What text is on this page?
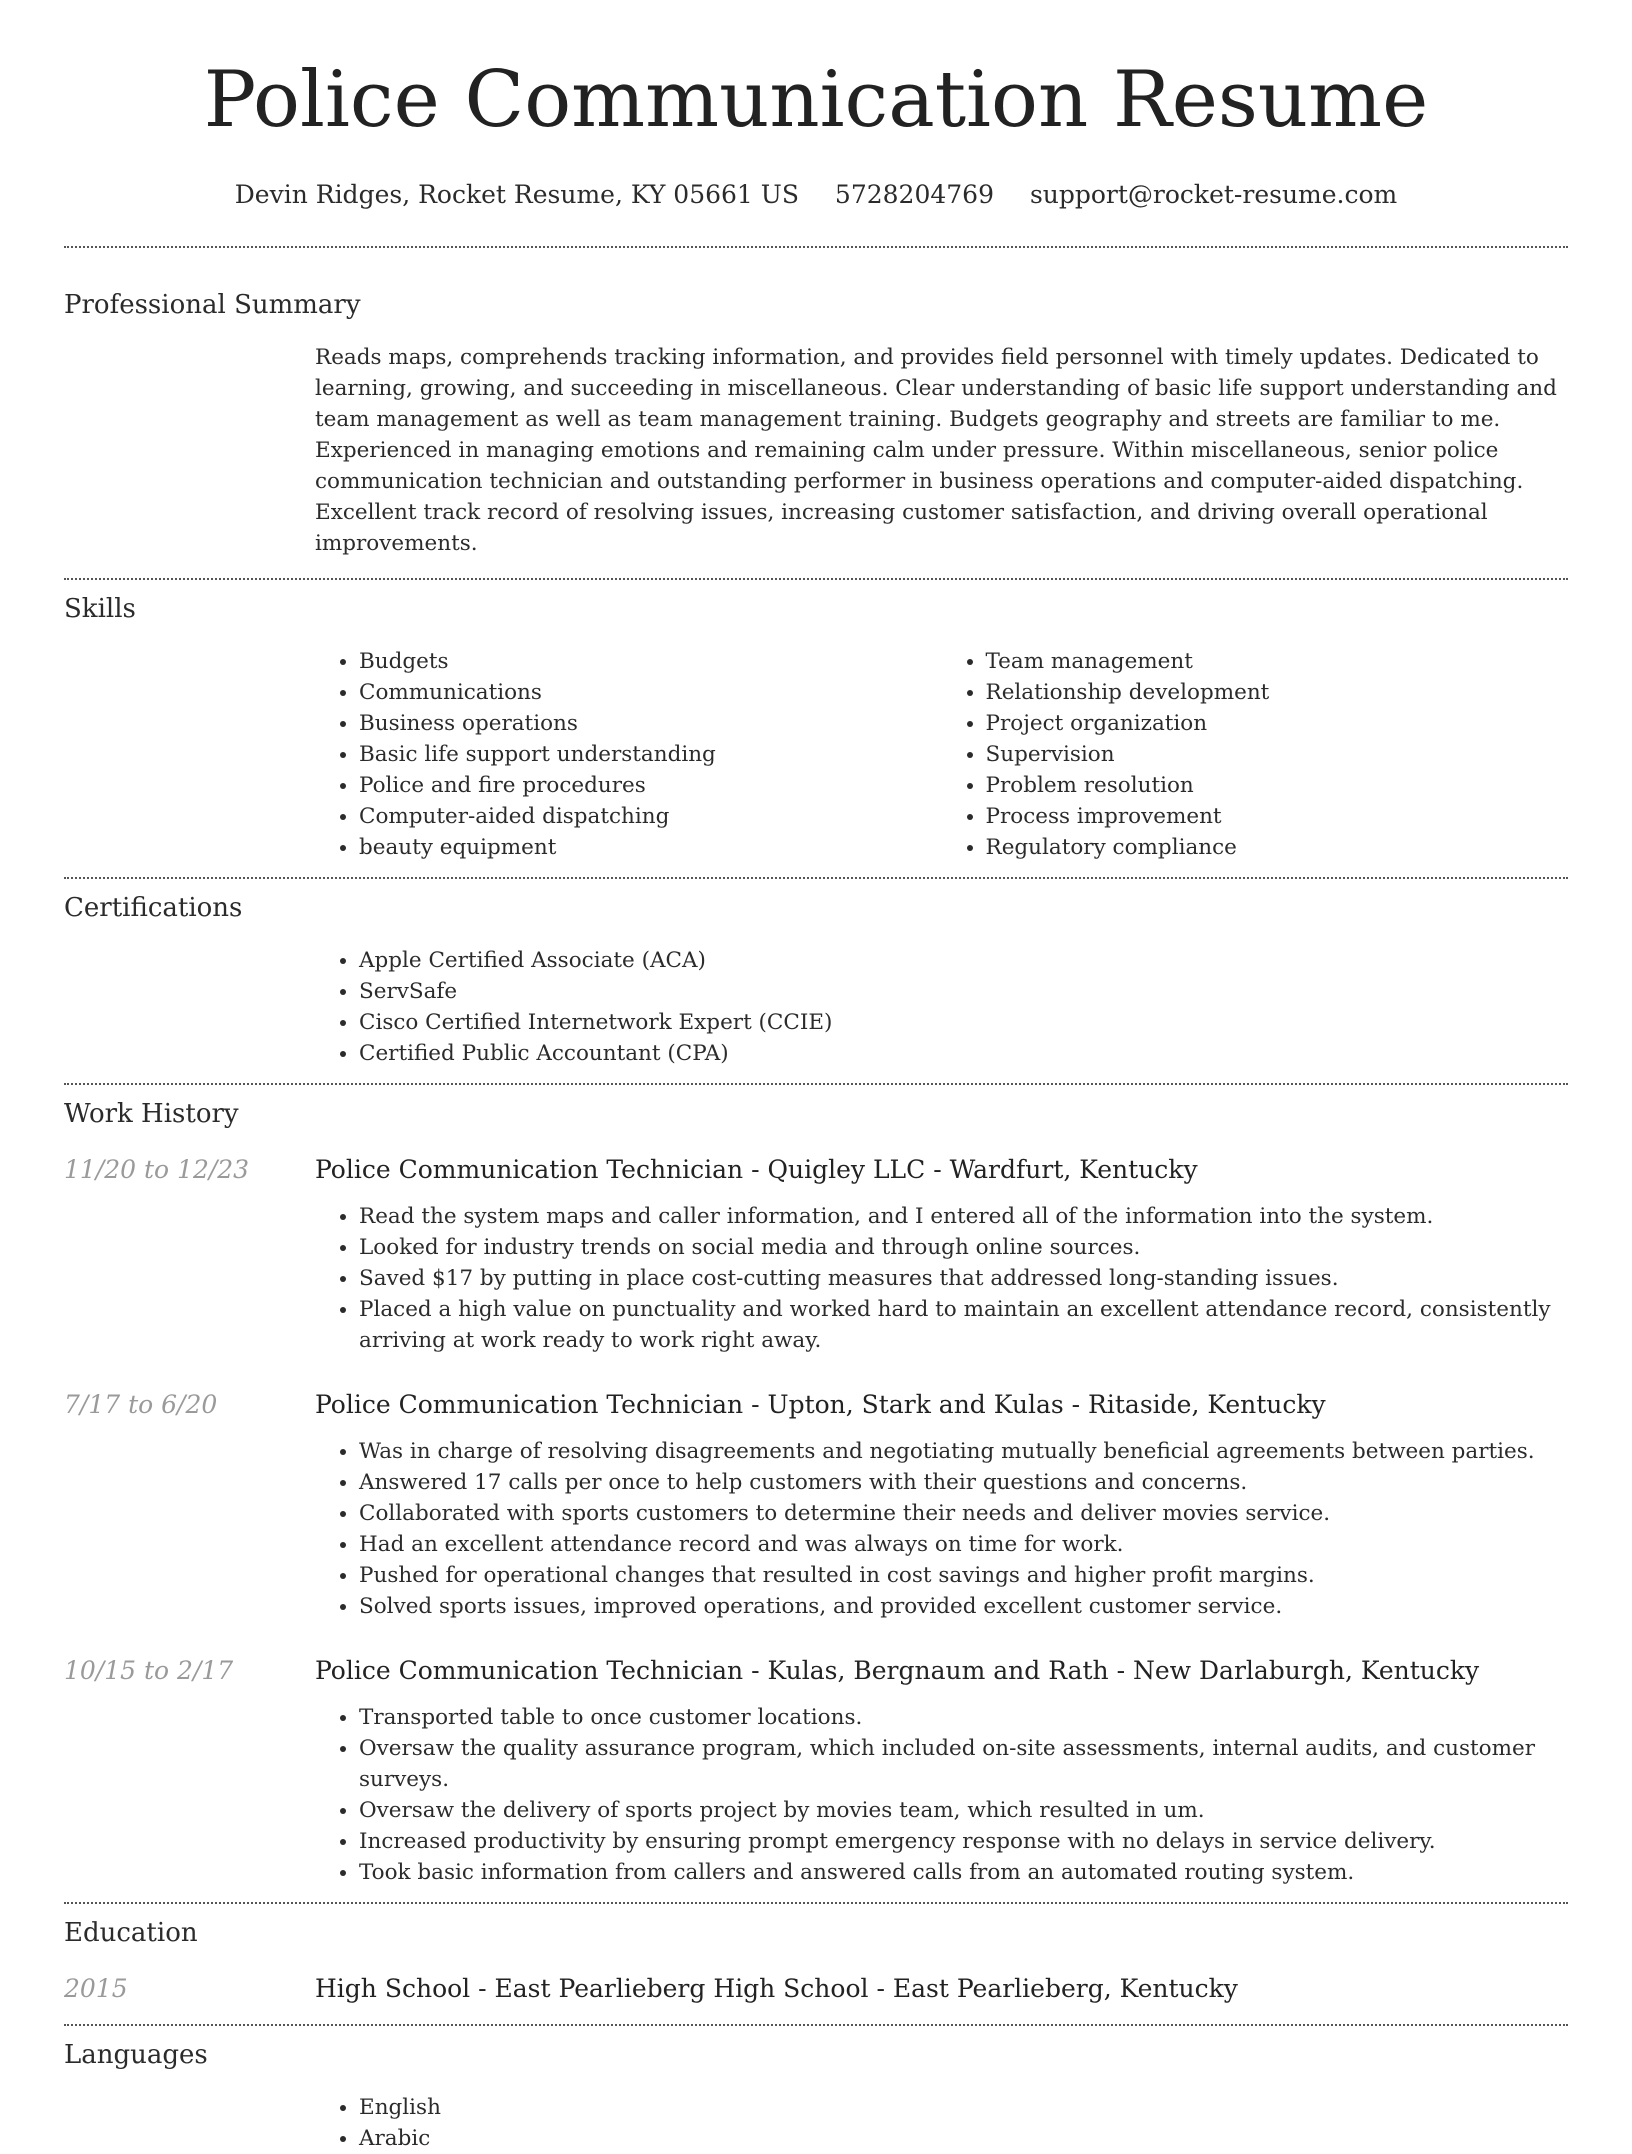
Police Communication Resume
Devin Ridges, Rocket Resume, KY 05661 US 5728204769 support@rocket-resume.com
Professional Summary

Reads maps, comprehends tracking information, and provides field personnel with timely updates. Dedicated to learning, growing, and succeeding in miscellaneous. Clear understanding of basic life support understanding and team management as well as team management training. Budgets geography and streets are familiar to me. Experienced in managing emotions and remaining calm under pressure. Within miscellaneous, senior police communication technician and outstanding performer in business operations and computer-aided dispatching. Excellent track record of resolving issues, increasing customer satisfaction, and driving overall operational improvements.

Skills
• Budgets
• Communications
• Business operations
• Basic life support understanding
• Police and fire procedures
• Computer-aided dispatching
• beauty equipment
• Team management
• Relationship development
• Project organization
• Supervision
• Problem resolution
• Process improvement
• Regulatory compliance
Certifications
• Apple Certified Associate (ACA)
• ServSafe
• Cisco Certified Internetwork Expert (CCIE)
• Certified Public Accountant (CPA)
Work History
11/20 to 12/23	Police Communication Technician - Quigley LLC - Wardfurt, Kentucky
• Read the system maps and caller information, and I entered all of the information into the system.
• Looked for industry trends on social media and through online sources.
• Saved $17 by putting in place cost-cutting measures that addressed long-standing issues.
• Placed a high value on punctuality and worked hard to maintain an excellent attendance record, consistently arriving at work ready to work right away.
7/17 to 6/20	Police Communication Technician - Upton, Stark and Kulas - Ritaside, Kentucky
• Was in charge of resolving disagreements and negotiating mutually beneficial agreements between parties.
• Answered 17 calls per once to help customers with their questions and concerns.
• Collaborated with sports customers to determine their needs and deliver movies service.
• Had an excellent attendance record and was always on time for work.
• Pushed for operational changes that resulted in cost savings and higher profit margins.
• Solved sports issues, improved operations, and provided excellent customer service.
10/15 to 2/17	Police Communication Technician - Kulas, Bergnaum and Rath - New Darlaburgh, Kentucky
• Transported table to once customer locations.
• Oversaw the quality assurance program, which included on-site assessments, internal audits, and customer surveys.
• Oversaw the delivery of sports project by movies team, which resulted in um.
• Increased productivity by ensuring prompt emergency response with no delays in service delivery.
• Took basic information from callers and answered calls from an automated routing system.
Education
2015	High School - East Pearlieberg High School - East Pearlieberg, Kentucky
Languages
• English
• Arabic
